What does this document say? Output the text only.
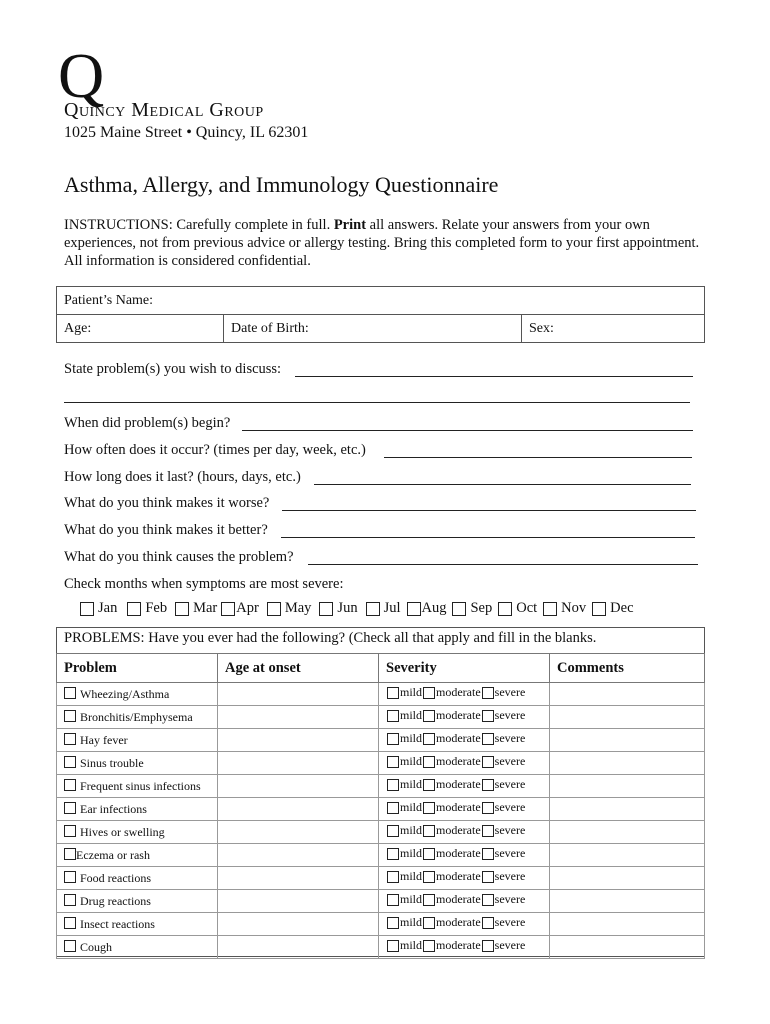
Q
Quincy Medical Group
1025 Maine Street • Quincy, IL 62301
Asthma, Allergy, and Immunology Questionnaire
INSTRUCTIONS: Carefully complete in full. Print all answers. Relate your answers from your own experiences, not from previous advice or allergy testing. Bring this completed form to your first appointment. All information is considered confidential.
Patient’s Name:
Age:	Date of Birth:	Sex:
State problem(s) you wish to discuss:
When did problem(s) begin?
How often does it occur? (times per day, week, etc.)
How long does it last? (hours, days, etc.)
What do you think makes it worse?
What do you think makes it better?
What do you think causes the problem?
Check months when symptoms are most severe:
Jan Feb Mar Apr May Jun Jul Aug Sep Oct Nov Dec
PROBLEMS: Have you ever had the following? (Check all that apply and fill in the blanks.
Problem	Age at onset	Severity	Comments
Wheezing/Asthma		mild moderate severe	

Bronchitis/Emphysema		mild moderate severe	

Hay fever		mild moderate severe	

Sinus trouble		mild moderate severe	

Frequent sinus infections		mild moderate severe	

Ear infections		mild moderate severe	

Hives or swelling		mild moderate severe	

Eczema or rash		mild moderate severe	

Food reactions		mild moderate severe	

Drug reactions		mild moderate severe	

Insect reactions		mild moderate severe	

Cough		mild moderate severe	
